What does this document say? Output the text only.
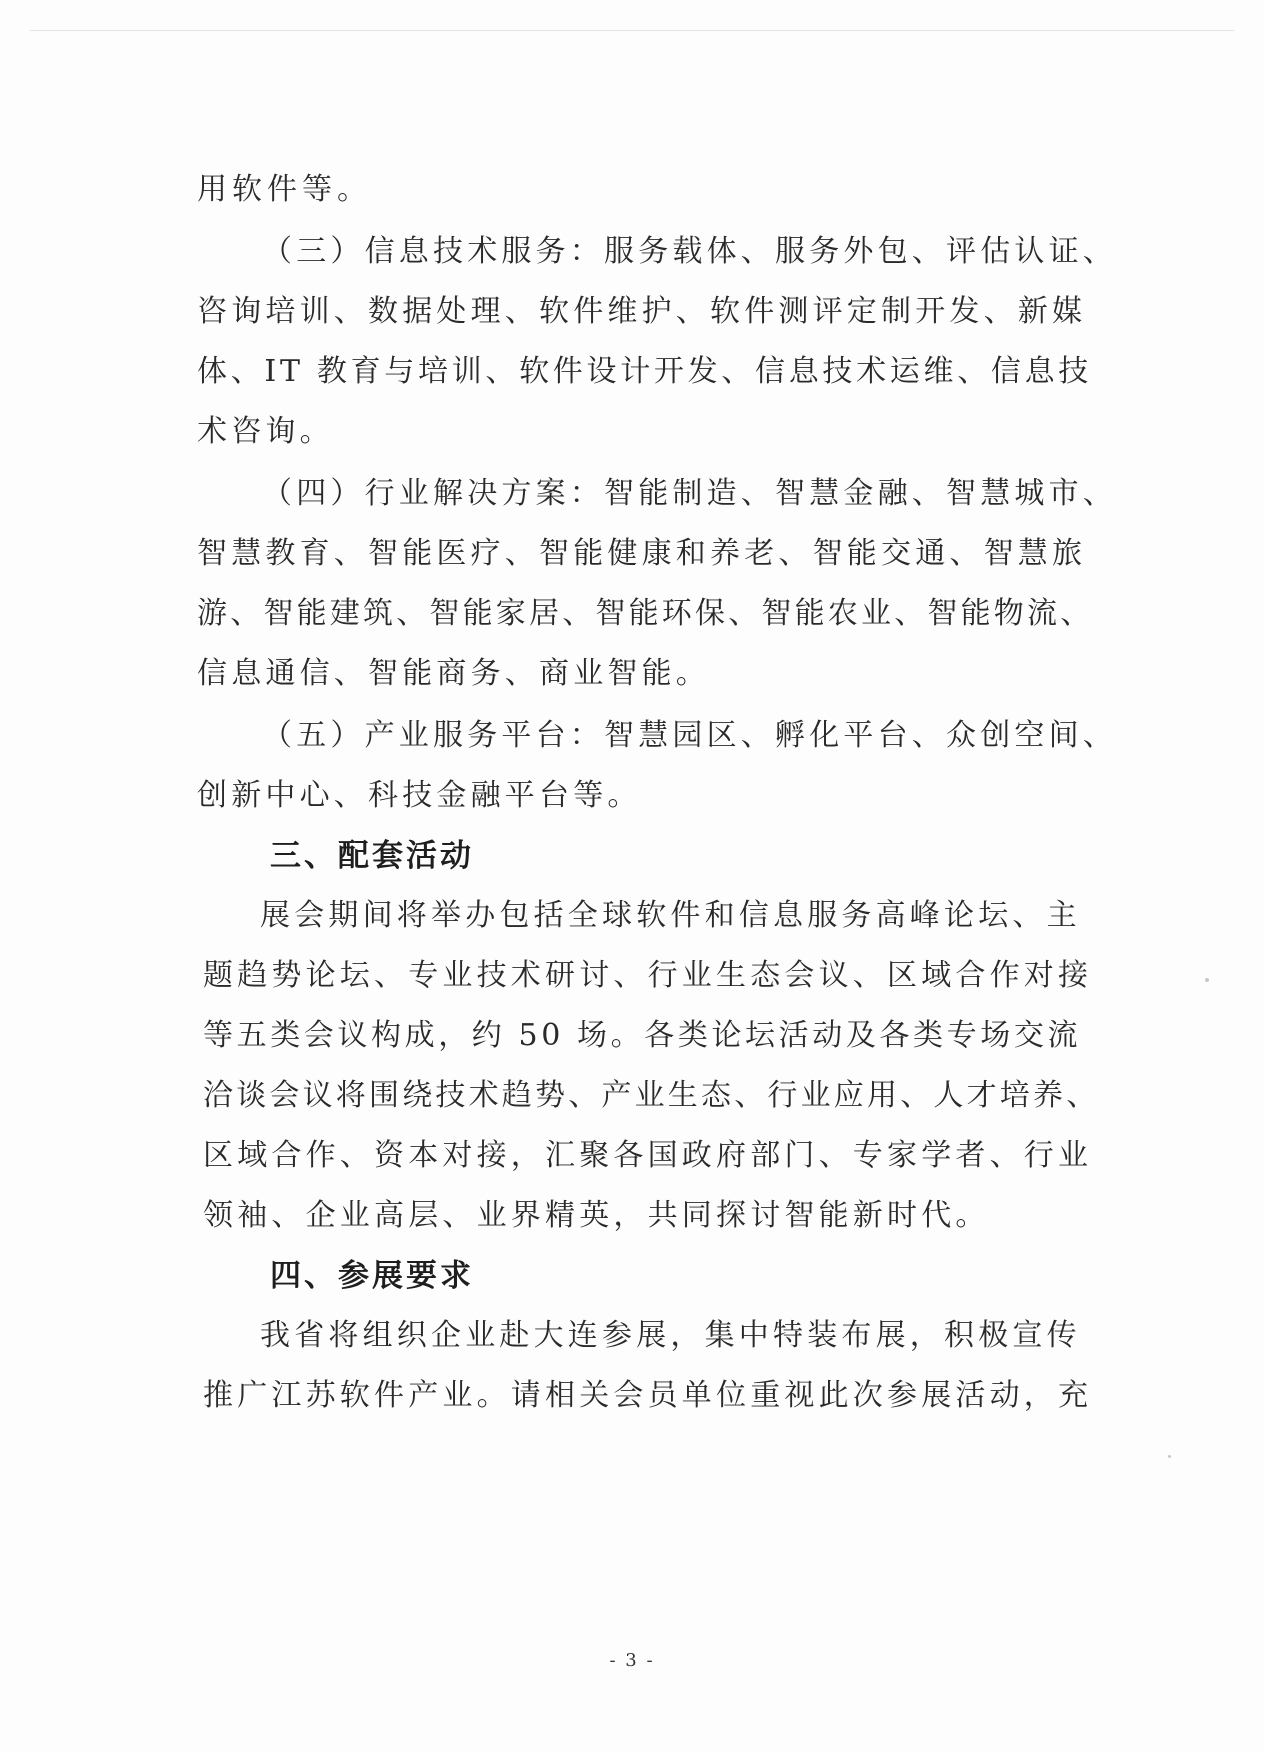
用软件等。
（三）信息技术服务：服务载体、服务外包、评估认证、
咨询培训、数据处理、软件维护、软件测评定制开发、新媒
体、IT 教育与培训、软件设计开发、信息技术运维、信息技
术咨询。
（四）行业解决方案：智能制造、智慧金融、智慧城市、
智慧教育、智能医疗、智能健康和养老、智能交通、智慧旅
游、智能建筑、智能家居、智能环保、智能农业、智能物流、
信息通信、智能商务、商业智能。
（五）产业服务平台：智慧园区、孵化平台、众创空间、
创新中心、科技金融平台等。
三、配套活动
展会期间将举办包括全球软件和信息服务高峰论坛、主
题趋势论坛、专业技术研讨、行业生态会议、区域合作对接
等五类会议构成，约 50 场。各类论坛活动及各类专场交流
洽谈会议将围绕技术趋势、产业生态、行业应用、人才培养、
区域合作、资本对接，汇聚各国政府部门、专家学者、行业
领袖、企业高层、业界精英，共同探讨智能新时代。
四、参展要求
我省将组织企业赴大连参展，集中特装布展，积极宣传
推广江苏软件产业。请相关会员单位重视此次参展活动，充
- 3 -
